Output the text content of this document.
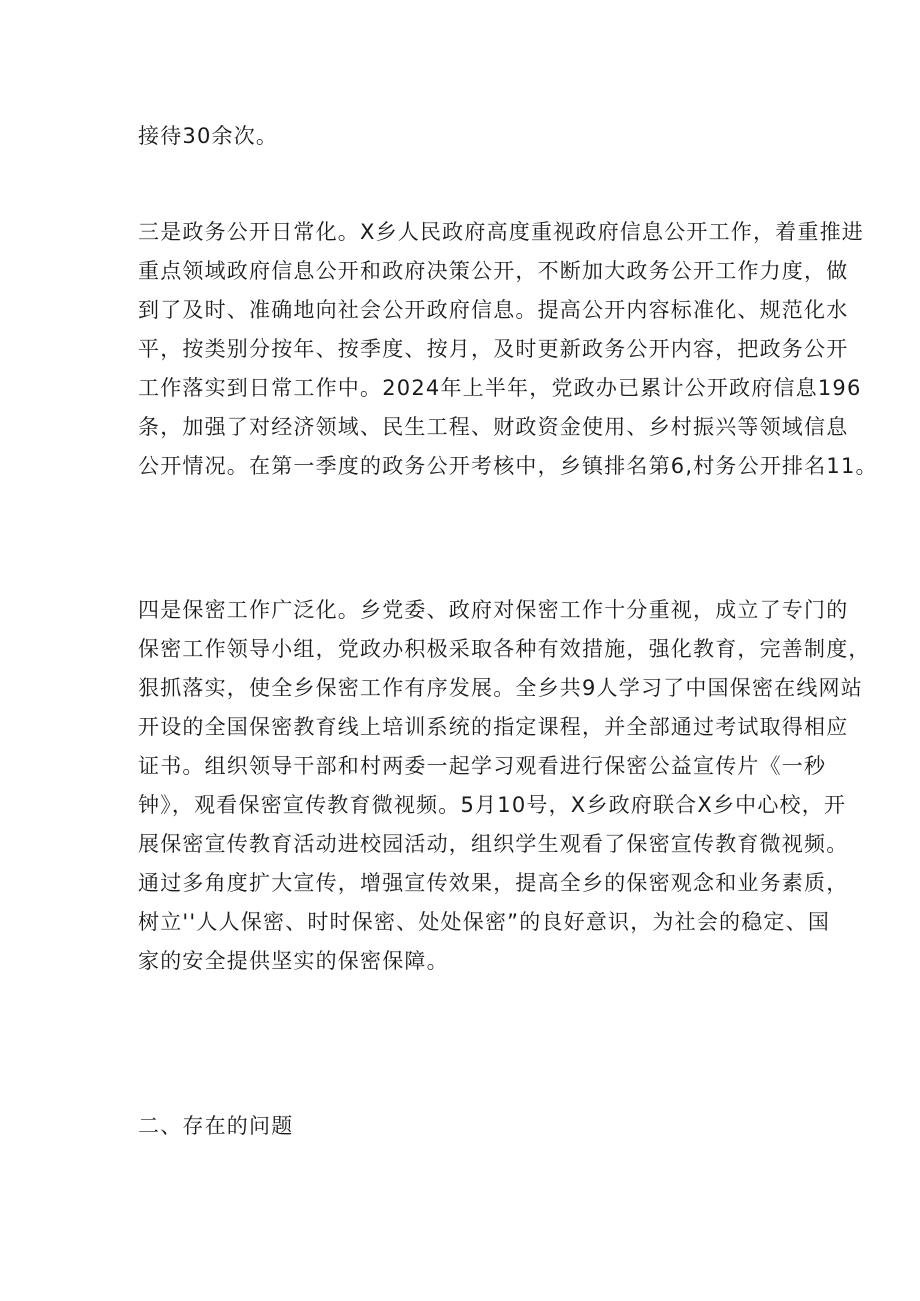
接待30余次。
三是政务公开日常化。X乡人民政府高度重视政府信息公开工作，着重推进
重点领域政府信息公开和政府决策公开，不断加大政务公开工作力度，做
到了及时、准确地向社会公开政府信息。提高公开内容标准化、规范化水
平，按类别分按年、按季度、按月，及时更新政务公开内容，把政务公开
工作落实到日常工作中。2024年上半年，党政办已累计公开政府信息196
条，加强了对经济领域、民生工程、财政资金使用、乡村振兴等领域信息
公开情况。在第一季度的政务公开考核中，乡镇排名第6,村务公开排名11。
四是保密工作广泛化。乡党委、政府对保密工作十分重视，成立了专门的
保密工作领导小组，党政办积极采取各种有效措施，强化教育，完善制度，
狠抓落实，使全乡保密工作有序发展。全乡共9人学习了中国保密在线网站
开设的全国保密教育线上培训系统的指定课程，并全部通过考试取得相应
证书。组织领导干部和村两委一起学习观看进行保密公益宣传片《一秒
钟》，观看保密宣传教育微视频。5月10号，X乡政府联合X乡中心校，开
展保密宣传教育活动进校园活动，组织学生观看了保密宣传教育微视频。
通过多角度扩大宣传，增强宣传效果，提高全乡的保密观念和业务素质，
树立''人人保密、时时保密、处处保密”的良好意识，为社会的稳定、国
家的安全提供坚实的保密保障。
二、存在的问题
